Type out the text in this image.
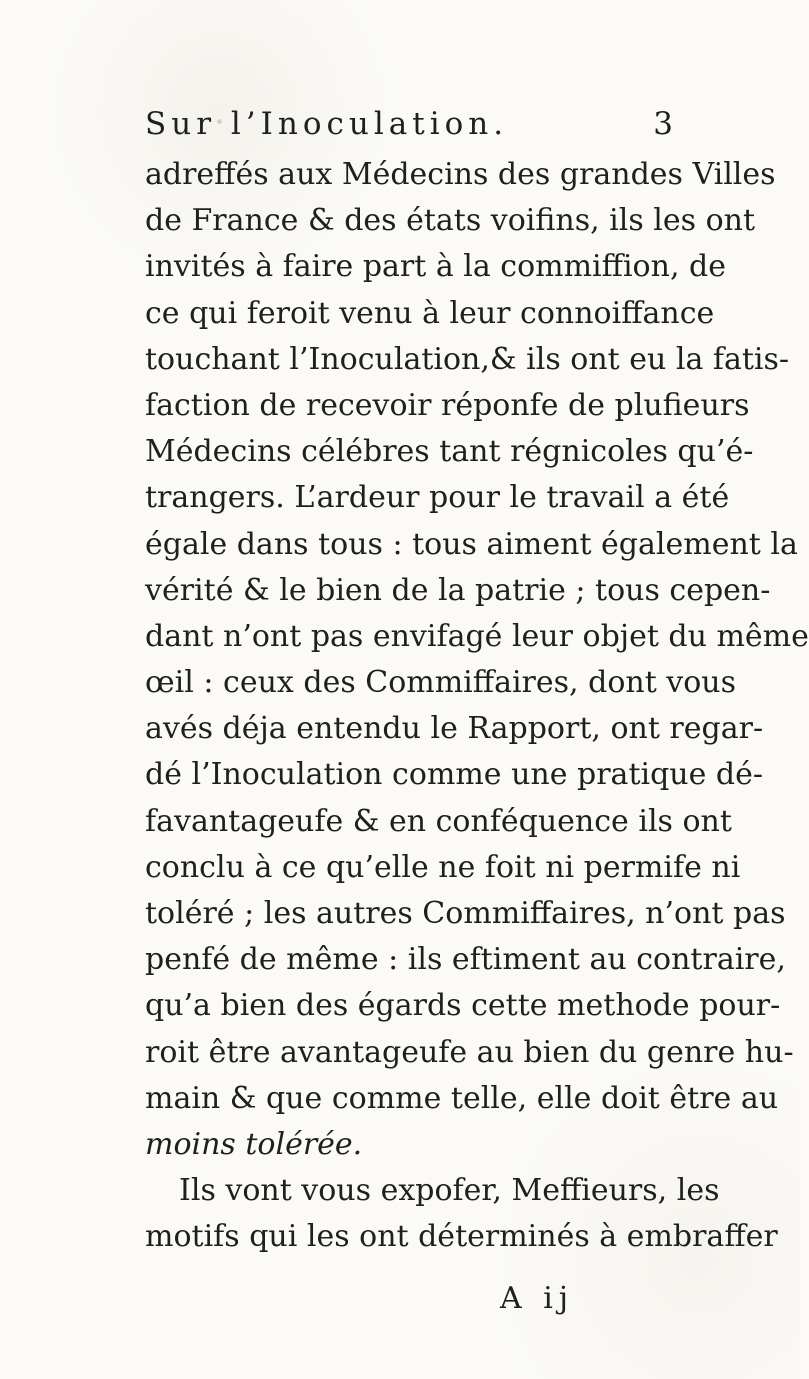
Sur l’Inoculation.	3
adreffés aux Médecins des grandes Villes
de France & des états voifins, ils les ont
invités à faire part à la commiffion, de
ce qui feroit venu à leur connoiffance
touchant l’Inoculation,& ils ont eu la fatis-
faction de recevoir réponfe de plufieurs
Médecins célébres tant régnicoles qu’é-
trangers. L’ardeur pour le travail a été
égale dans tous : tous aiment également la
vérité & le bien de la patrie ; tous cepen-
dant n’ont pas envifagé leur objet du même
œil : ceux des Commiffaires, dont vous
avés déja entendu le Rapport, ont regar-
dé l’Inoculation comme une pratique dé-
favantageufe & en conféquence ils ont
conclu à ce qu’elle ne foit ni permife ni
toléré ; les autres Commiffaires, n’ont pas
penfé de même : ils eftiment au contraire,
qu’a bien des égards cette methode pour-
roit être avantageufe au bien du genre hu-
main & que comme telle, elle doit être au
moins tolérée.
Ils vont vous expofer, Meffieurs, les
motifs qui les ont déterminés à embraffer
A ij
